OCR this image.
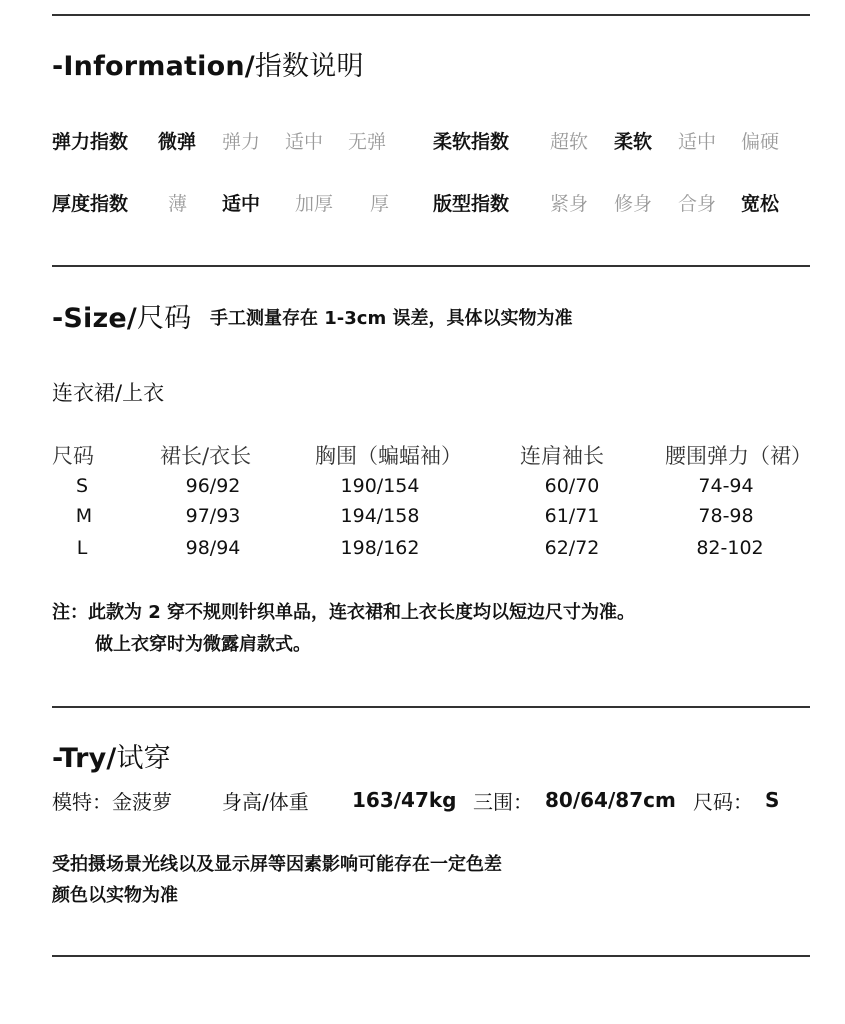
-Information/指数说明
弹力指数 微弹 弹力 适中 无弹 柔软指数 超软 柔软 适中 偏硬
厚度指数 薄 适中 加厚 厚 版型指数 紧身 修身 合身 宽松
-Size/尺码 手工测量存在 1-3cm 误差，具体以实物为准
连衣裙/上衣
尺码	裙长/衣长	胸围（蝙蝠袖）	连肩袖长	腰围弹力（裙）
S	96/92	190/154	60/70	74-94
M	97/93	194/158	61/71	78-98
L	98/94	198/162	62/72	82-102
注：此款为 2 穿不规则针织单品，连衣裙和上衣长度均以短边尺寸为准。
做上衣穿时为微露肩款式。
-Try/试穿
模特：金菠萝	身高/体重 163/47kg 三围： 80/64/87cm 尺码： S
受拍摄场景光线以及显示屏等因素影响可能存在一定色差
颜色以实物为准
